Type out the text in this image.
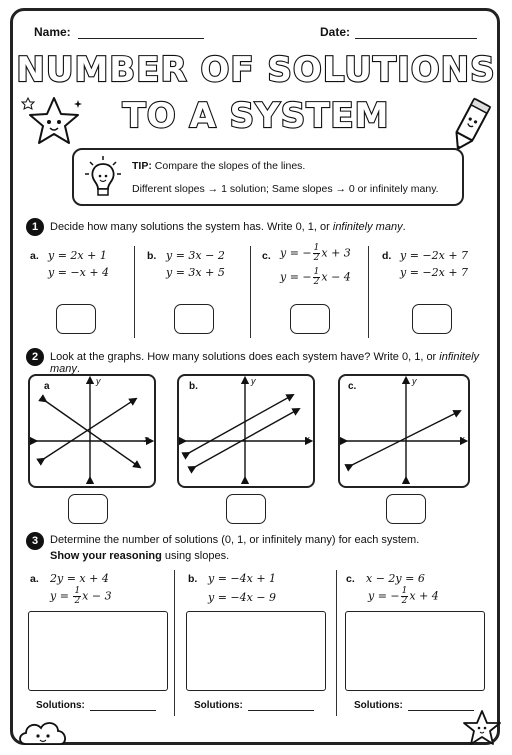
Name:	Date:
NUMBER OF SOLUTIONS
TO A SYSTEM
TIP: Compare the slopes of the lines.
Different slopes → 1 solution; Same slopes → 0 or infinitely many.
1	Decide how many solutions the system has. Write 0, 1, or infinitely many.
a. y = 2x + 1
y = −x + 4
b. y = 3x − 2
y = 3x + 5
c. y = − $\frac{1}{2}$ x + 3
y = − $\frac{1}{2}$ x − 4
d. y = −2x + 7
y = −2x + 7
2	Look at the graphs. How many solutions does each system have? Write 0, 1, or infinitely many.
a	y
x
b.	y
x
c.	y
x
3	Determine the number of solutions (0, 1, or infinitely many) for each system.
Show your reasoning using slopes.
a. 2y = x + 4
$y = \frac{1}{2}$ x − 3
b. y = −4x + 1
y = −4x − 9
c. x − 2y = 6
y = − $\frac{1}{2}$ x + 4
Solutions:	Solutions:	Solutions:
